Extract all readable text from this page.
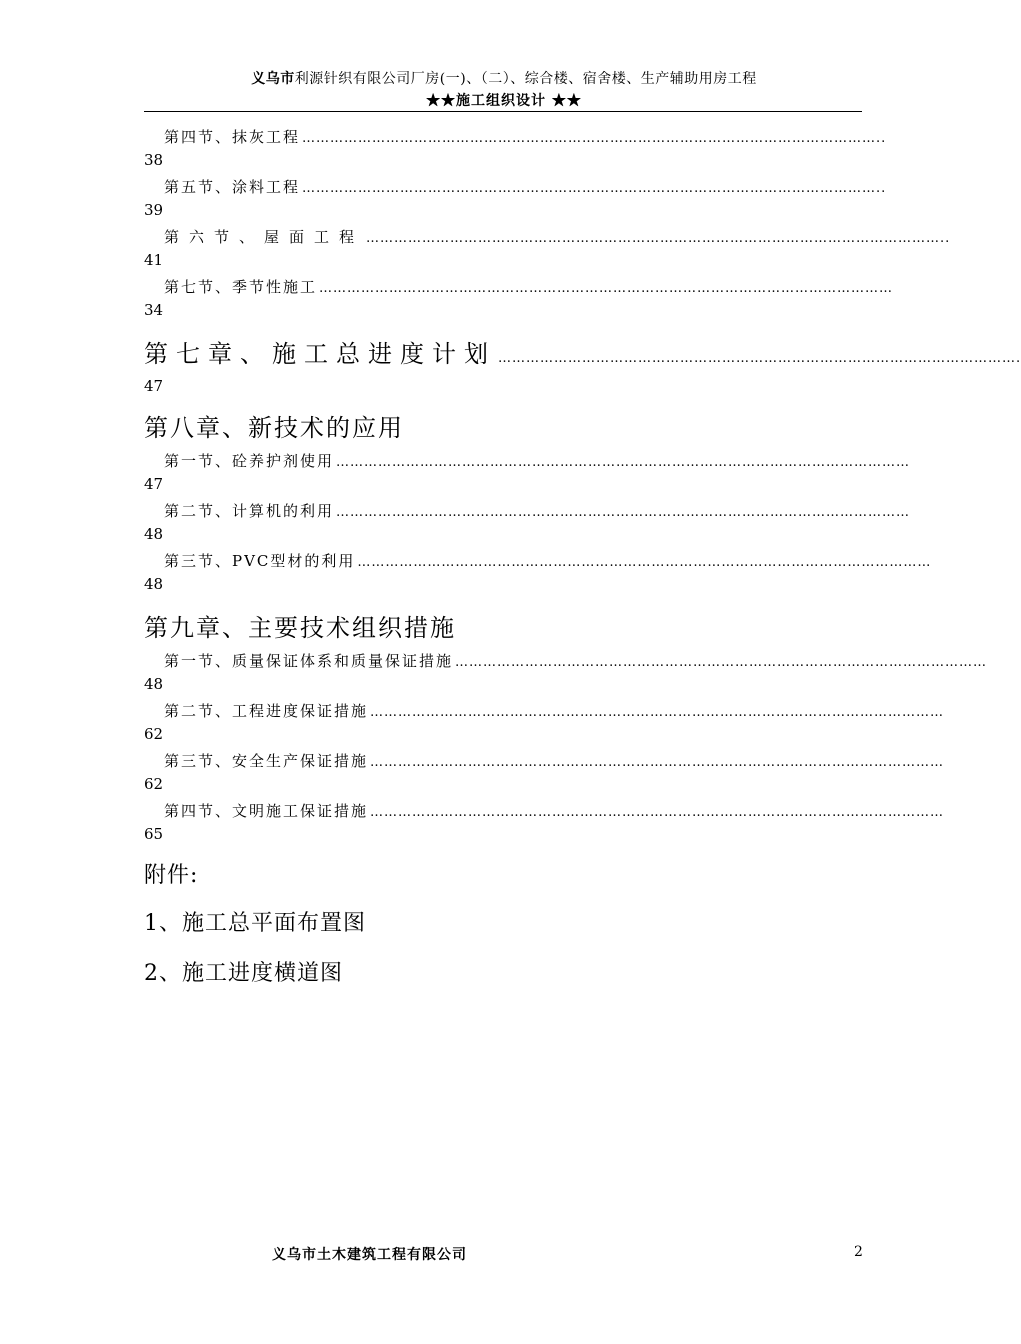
义乌市利源针织有限公司厂房(一)、（二）、综合楼、宿舍楼、生产辅助用房工程
★★施工组织设计 ★★
第四节、抹灰工程 ……………………………………………………………………………………………………………..
38
第五节、涂料工程 ……………………………………………………………………………………………………………..
39
第六节、屋面工程 ……………………………………………………………………………………………………………..
41
第七节、季节性施工 ……………………………………………………………………………………………………………
34
第七章、施工总进度计划 ………………………………………………………………………………………………….
47
第八章、新技术的应用
第一节、砼养护剂使用 ……………………………………………………………………………………………………………
47
第二节、计算机的利用 ……………………………………………………………………………………………………………
48
第三节、PVC型材的利用 ……………………………………………………………………………………………………………
48
第九章、主要技术组织措施
第一节、质量保证体系和质量保证措施 ……………………………………………………………………………………………………
48
第二节、工程进度保证措施 ……………………………………………………………………………………………………………
62
第三节、安全生产保证措施 ……………………………………………………………………………………………………………
62
第四节、文明施工保证措施 ……………………………………………………………………………………………………………
65
附件:
1、施工总平面布置图
2、施工进度横道图
义乌市土木建筑工程有限公司	2
